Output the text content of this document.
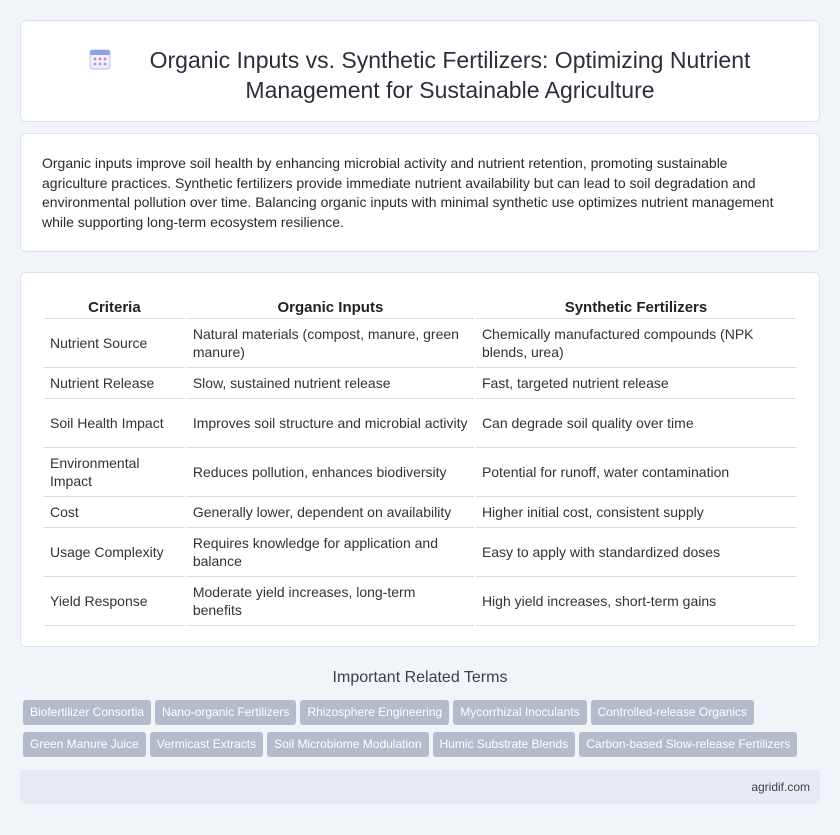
Organic Inputs vs. Synthetic Fertilizers: Optimizing Nutrient Management for Sustainable Agriculture

Organic inputs improve soil health by enhancing microbial activity and nutrient retention, promoting sustainable agriculture practices. Synthetic fertilizers provide immediate nutrient availability but can lead to soil degradation and environmental pollution over time. Balancing organic inputs with minimal synthetic use optimizes nutrient management while supporting long-term ecosystem resilience.

Criteria	Organic Inputs	Synthetic Fertilizers
Nutrient Source	Natural materials (compost, manure, green manure)	Chemically manufactured compounds (NPK blends, urea)
Nutrient Release	Slow, sustained nutrient release	Fast, targeted nutrient release
Soil Health Impact	Improves soil structure and microbial activity	Can degrade soil quality over time
Environmental Impact	Reduces pollution, enhances biodiversity	Potential for runoff, water contamination
Cost	Generally lower, dependent on availability	Higher initial cost, consistent supply
Usage Complexity	Requires knowledge for application and balance	Easy to apply with standardized doses
Yield Response	Moderate yield increases, long-term benefits	High yield increases, short-term gains
Important Related Terms
Biofertilizer Consortia Nano-organic Fertilizers Rhizosphere Engineering Mycorrhizal Inoculants Controlled-release Organics
Green Manure Juice Vermicast Extracts Soil Microbiome Modulation Humic Substrate Blends Carbon-based Slow-release Fertilizers
agridif.com
